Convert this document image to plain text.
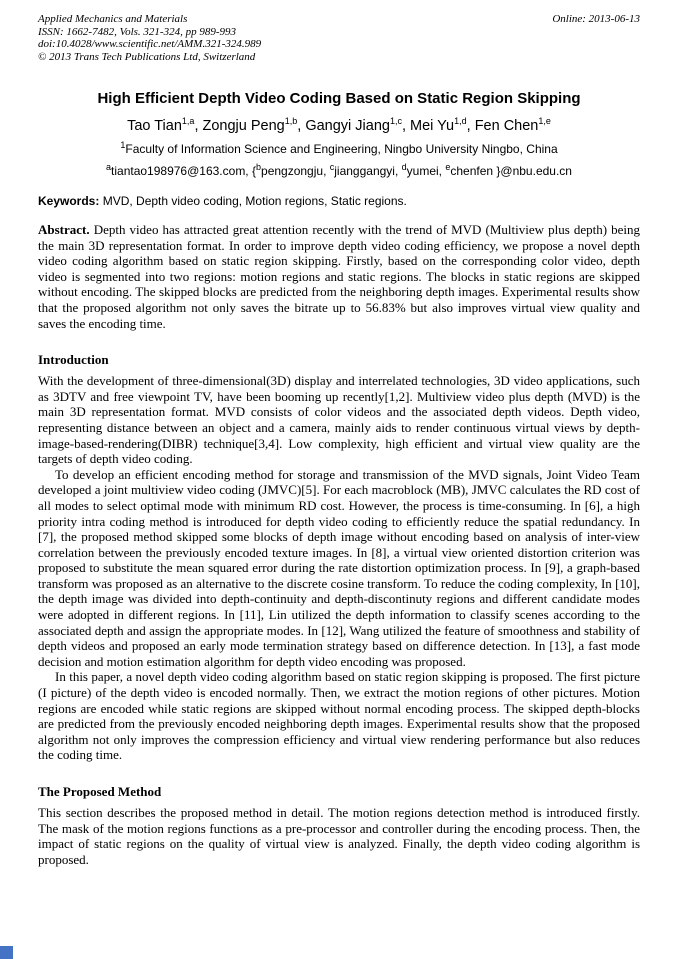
Applied Mechanics and Materials
ISSN: 1662-7482, Vols. 321-324, pp 989-993
doi:10.4028/www.scientific.net/AMM.321-324.989
© 2013 Trans Tech Publications Ltd, Switzerland
Online: 2013-06-13
High Efficient Depth Video Coding Based on Static Region Skipping
Tao Tian$^{1,a}$, Zongju Peng$^{1,b}$, Gangyi Jiang$^{1,c}$, Mei Yu$^{1,d}$, Fen Chen$^{1,e}$
$^1$Faculty of Information Science and Engineering, Ningbo University Ningbo, China
$^a$tiantao198976@163.com, {$^b$pengzongju, $^c$jianggangyi, $^d$yumei, $^e$chenfen }@nbu.edu.cn
Keywords: MVD, Depth video coding, Motion regions, Static regions.
Abstract. Depth video has attracted great attention recently with the trend of MVD (Multiview plus depth) being the main 3D representation format. In order to improve depth video coding efficiency, we propose a novel depth video coding algorithm based on static region skipping. Firstly, based on the corresponding color video, depth video is segmented into two regions: motion regions and static regions. The blocks in static regions are skipped without encoding. The skipped blocks are predicted from the neighboring depth images. Experimental results show that the proposed algorithm not only saves the bitrate up to 56.83% but also improves virtual view quality and saves the encoding time.
Introduction

With the development of three-dimensional(3D) display and interrelated technologies, 3D video applications, such as 3DTV and free viewpoint TV, have been booming up recently[1,2]. Multiview video plus depth (MVD) is the main 3D representation format. MVD consists of color videos and the associated depth videos. Depth video, representing distance between an object and a camera, mainly aids to render continuous virtual views by depth-image-based-rendering(DIBR) technique[3,4]. Low complexity, high efficient and virtual view quality are the targets of depth video coding.

To develop an efficient encoding method for storage and transmission of the MVD signals, Joint Video Team developed a joint multiview video coding (JMVC)[5]. For each macroblock (MB), JMVC calculates the RD cost of all modes to select optimal mode with minimum RD cost. However, the process is time-consuming. In [6], a high priority intra coding method is introduced for depth video coding to efficiently reduce the spatial redundancy. In [7], the proposed method skipped some blocks of depth image without encoding based on analysis of inter-view correlation between the previously encoded texture images. In [8], a virtual view oriented distortion criterion was proposed to substitute the mean squared error during the rate distortion optimization process. In [9], a graph-based transform was proposed as an alternative to the discrete cosine transform. To reduce the coding complexity, In [10], the depth image was divided into depth-continuity and depth-discontinuty regions and different candidate modes were adopted in different regions. In [11], Lin utilized the depth information to classify scenes according to the associated depth and assign the appropriate modes. In [12], Wang utilized the feature of smoothness and stability of depth videos and proposed an early mode termination strategy based on difference detection. In [13], a fast mode decision and motion estimation algorithm for depth video encoding was proposed.

In this paper, a novel depth video coding algorithm based on static region skipping is proposed. The first picture (I picture) of the depth video is encoded normally. Then, we extract the motion regions of other pictures. Motion regions are encoded while static regions are skipped without normal encoding process. The skipped depth-blocks are predicted from the previously encoded neighboring depth images. Experimental results show that the proposed algorithm not only improves the compression efficiency and virtual view rendering performance but also reduces the coding time.

The Proposed Method

This section describes the proposed method in detail. The motion regions detection method is introduced firstly. The mask of the motion regions functions as a pre-processor and controller during the encoding process. Then, the impact of static regions on the quality of virtual view is analyzed. Finally, the depth video coding algorithm is proposed.
